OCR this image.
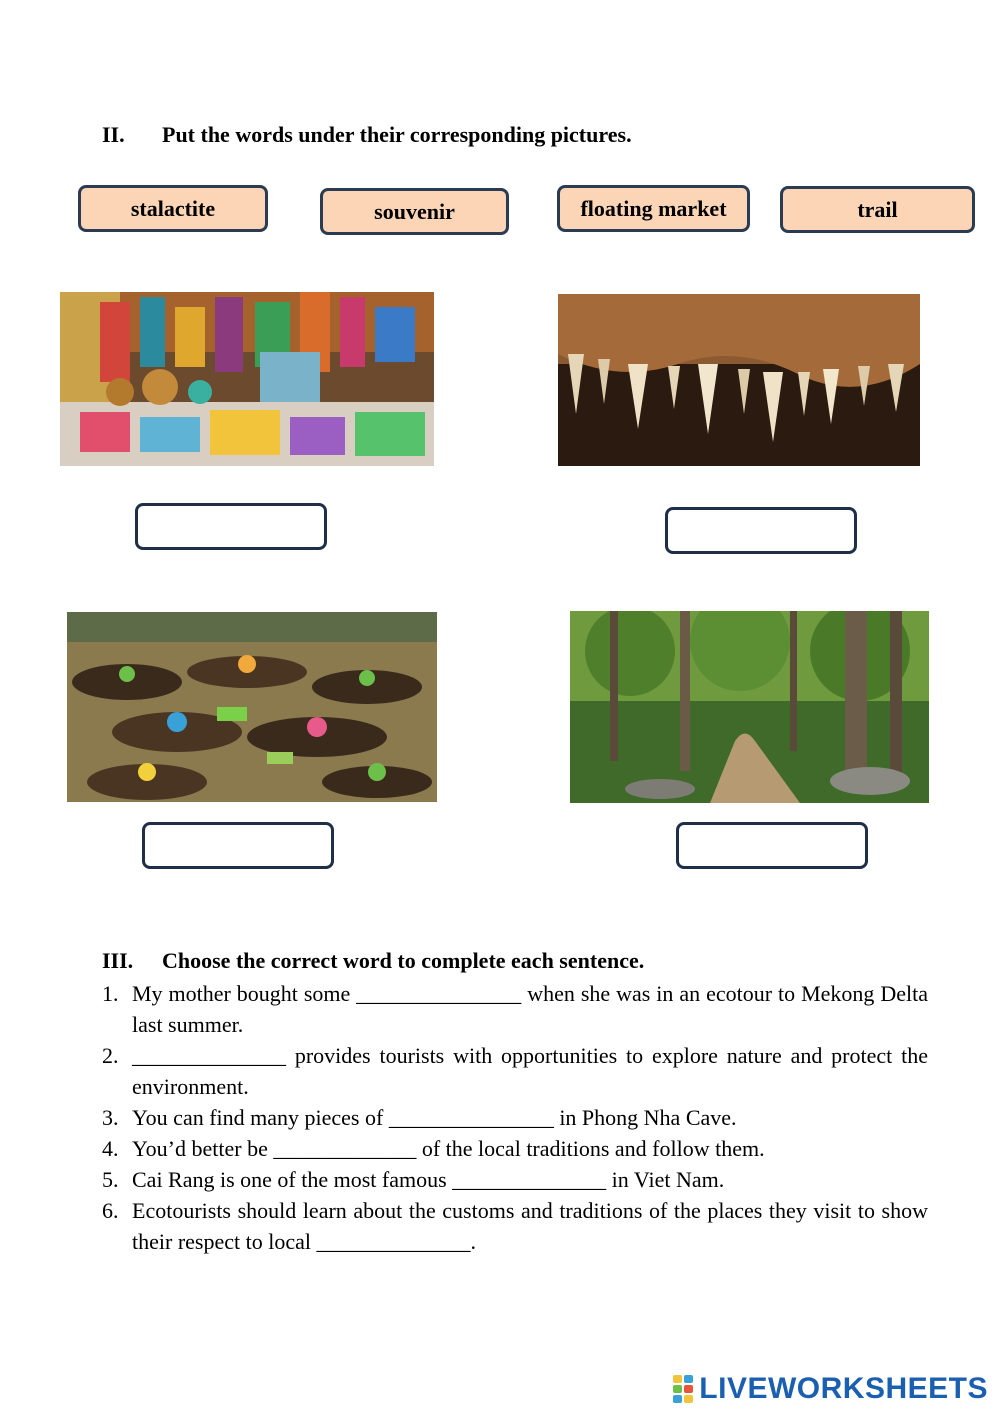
II. Put the words under their corresponding pictures.
stalactite	souvenir	floating market	trail
III. Choose the correct word to complete each sentence.
1. My mother bought some _______________ when she was in an ecotour to Mekong Delta last summer.
2. ______________ provides tourists with opportunities to explore nature and protect the environment.
3. You can find many pieces of _______________ in Phong Nha Cave.
4. You’d better be _____________ of the local traditions and follow them.
5. Cai Rang is one of the most famous ______________ in Viet Nam.
6. Ecotourists should learn about the customs and traditions of the places they visit to show their respect to local ______________.
LIVEWORKSHEETS
